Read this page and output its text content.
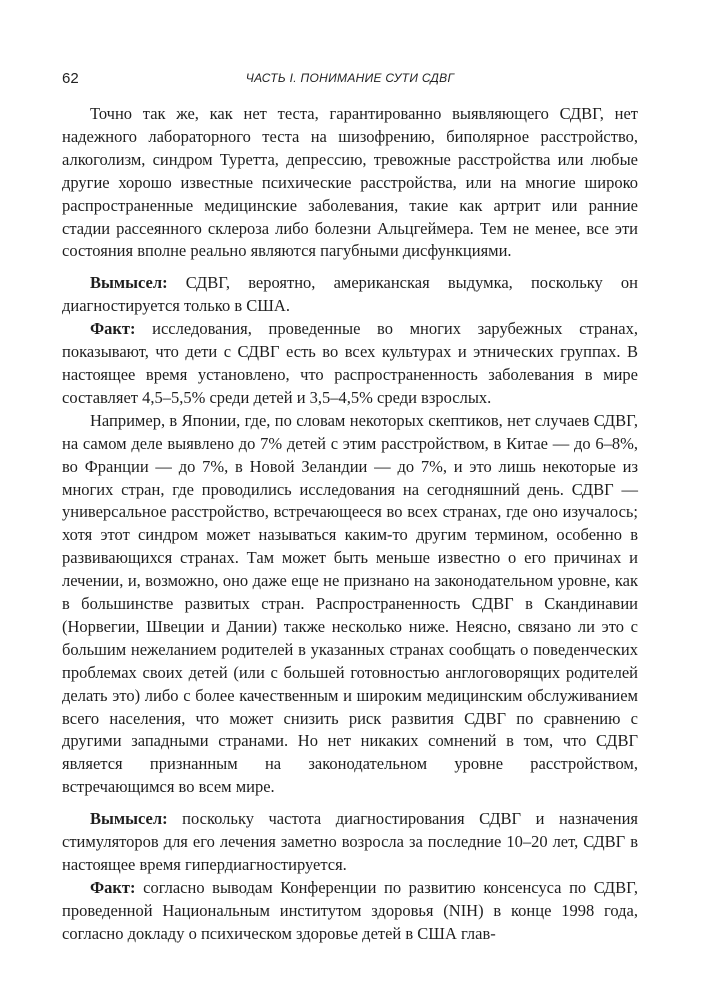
62	ЧАСТЬ I. ПОНИМАНИЕ СУТИ СДВГ

Точно так же, как нет теста, гарантированно выявляющего СДВГ, нет надежного лабораторного теста на шизофрению, биполярное расстройство, алкоголизм, синдром Туретта, депрессию, тревожные расстройства или любые другие хорошо известные психические расстройства, или на многие широко распространенные медицинские заболевания, такие как артрит или ранние стадии рассеянного склероза либо болезни Альцгеймера. Тем не менее, все эти состояния вполне реально являются пагубными дисфункциями.

Вымысел: СДВГ, вероятно, американская выдумка, поскольку он диагностируется только в США.

Факт: исследования, проведенные во многих зарубежных странах, показывают, что дети с СДВГ есть во всех культурах и этнических группах. В настоящее время установлено, что распространенность заболевания в мире составляет 4,5–5,5% среди детей и 3,5–4,5% среди взрослых.

Например, в Японии, где, по словам некоторых скептиков, нет случаев СДВГ, на самом деле выявлено до 7% детей с этим расстройством, в Китае — до 6–8%, во Франции — до 7%, в Новой Зеландии — до 7%, и это лишь некоторые из многих стран, где проводились исследования на сегодняшний день. СДВГ — универсальное расстройство, встречающееся во всех странах, где оно изучалось; хотя этот синдром может называться каким-то другим термином, особенно в развивающихся странах. Там может быть меньше известно о его причинах и лечении, и, возможно, оно даже еще не признано на законодательном уровне, как в большинстве развитых стран. Распространенность СДВГ в Скандинавии (Норвегии, Швеции и Дании) также несколько ниже. Неясно, связано ли это с большим нежеланием родителей в указанных странах сообщать о поведенческих проблемах своих детей (или с большей готовностью англоговорящих родителей делать это) либо с более качественным и широким медицинским обслуживанием всего населения, что может снизить риск развития СДВГ по сравнению с другими западными странами. Но нет никаких сомнений в том, что СДВГ является признанным на законодательном уровне расстройством, встречающимся во всем мире.

Вымысел: поскольку частота диагностирования СДВГ и назначения стимуляторов для его лечения заметно возросла за последние 10–20 лет, СДВГ в настоящее время гипердиагностируется.

Факт: согласно выводам Конференции по развитию консенсуса по СДВГ, проведенной Национальным институтом здоровья (NIH) в конце 1998 года, согласно докладу о психическом здоровье детей в США глав-
